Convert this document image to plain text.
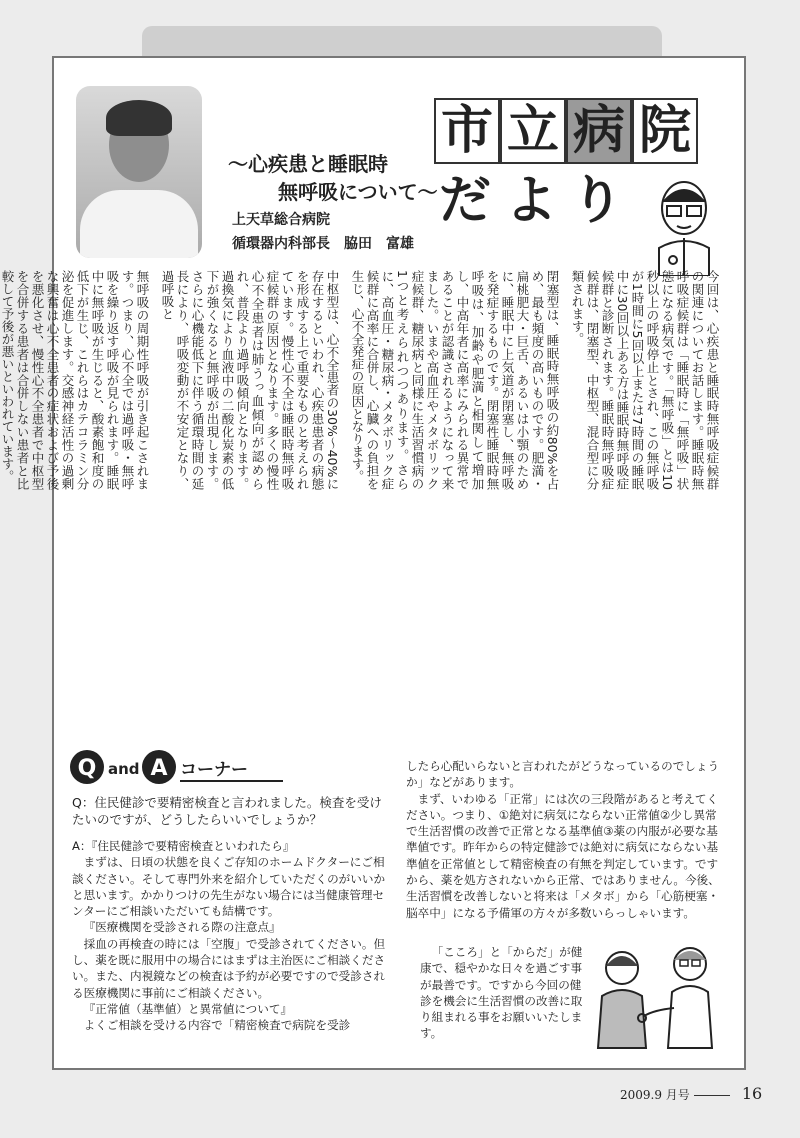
～心疾患と睡眠時
無呼吸について～
上天草総合病院
循環器内科部長　脇田　富雄
市 立 病 院
だ よ り
今回は、心疾患と睡眠時無呼吸症候群の関連についてお話します。睡眠時無呼吸症候群は「睡眠時に「無呼吸」状態になる病気です。「無呼吸」とは10秒以上の呼吸停止とされ、この無呼吸が1時間に5回以上または7時間の睡眠中に30回以上ある方は睡眠時無呼吸症候群と診断されます。睡眠時無呼吸症候群は、閉塞型、中枢型、混合型に分類されます。
閉塞型は、睡眠時無呼吸の約80%を占め、最も頻度の高いものです。肥満・扁桃肥大・巨舌、あるいは小顎のために、睡眠中に上気道が閉塞し、無呼吸を発症するものです。閉塞性睡眠時無呼吸は、加齢や肥満と相関して増加し、中高年者に高率にみられる異常であることが認識されるようになって来ました。いまや高血圧やメタボリック症候群、糖尿病と同様に生活習慣病の1つと考えられつつあります。さらに、高血圧・糖尿病・メタボリック症候群に高率に合併し、心臓への負担を生じ、心不全発症の原因となります。
中枢型は、心不全患者の30%〜40%に存在するといわれ、心疾患患者の病態を形成する上で重要なものと考えられています。慢性心不全は睡眠時無呼吸症候群の原因となります。多くの慢性心不全患者は肺うっ血傾向が認められ、普段より過呼吸傾向となります。過換気により血液中の二酸化炭素の低下が強くなると無呼吸が出現します。さらに心機能低下に伴う循環時間の延長により、呼吸変動が不安定となり、過呼吸と
無呼吸の周期性呼吸が引き起こされます。つまり、心不全では過呼吸・無呼吸を繰り返す呼吸が見られます。睡眠中に無呼吸が生じると、酸素飽和度の低下が生じ、これらはカテコラミン分泌を促進します。交感神経活性の過剰な興奮は心不全患者の症状および予後を悪化させ、慢性心不全患者で中枢型を合併する患者は合併しない患者と比較して予後が悪いといわれています。
Q and A コーナー
Q：住民健診で要精密検査と言われました。検査を受けたいのですが、どうしたらいいでしょうか？

A：『住民健診で要精密検査といわれたら』

まずは、日頃の状態を良くご存知のホームドクターにご相談ください。そして専門外来を紹介していただくのがいいかと思います。かかりつけの先生がない場合には当健康管理センターにご相談いただいても結構です。

『医療機関を受診される際の注意点』

採血の再検査の時には「空腹」で受診されてください。但し、薬を既に服用中の場合にはまずは主治医にご相談ください。また、内視鏡などの検査は予約が必要ですので受診される医療機関に事前にご相談ください。

『正常値（基準値）と異常値について』

よくご相談を受ける内容で「精密検査で病院を受診

したら心配いらないと言われたがどうなっているのでしょうか」などがあります。

まず、いわゆる「正常」には次の三段階があると考えてください。つまり、①絶対に病気にならない正常値②少し異常で生活習慣の改善で正常となる基準値③薬の内服が必要な基準値です。昨年からの特定健診では絶対に病気にならない基準値を正常値として精密検査の有無を判定しています。ですから、薬を処方されないから正常、ではありません。今後、生活習慣を改善しないと将来は「メタボ」から「心筋梗塞・脳卒中」になる予備軍の方々が多数いらっしゃいます。

「こころ」と「からだ」が健康で、穏やかな日々を過ごす事が最善です。ですから今回の健診を機会に生活習慣の改善に取り組まれる事をお願いいたします。
2009.9 月号	16
